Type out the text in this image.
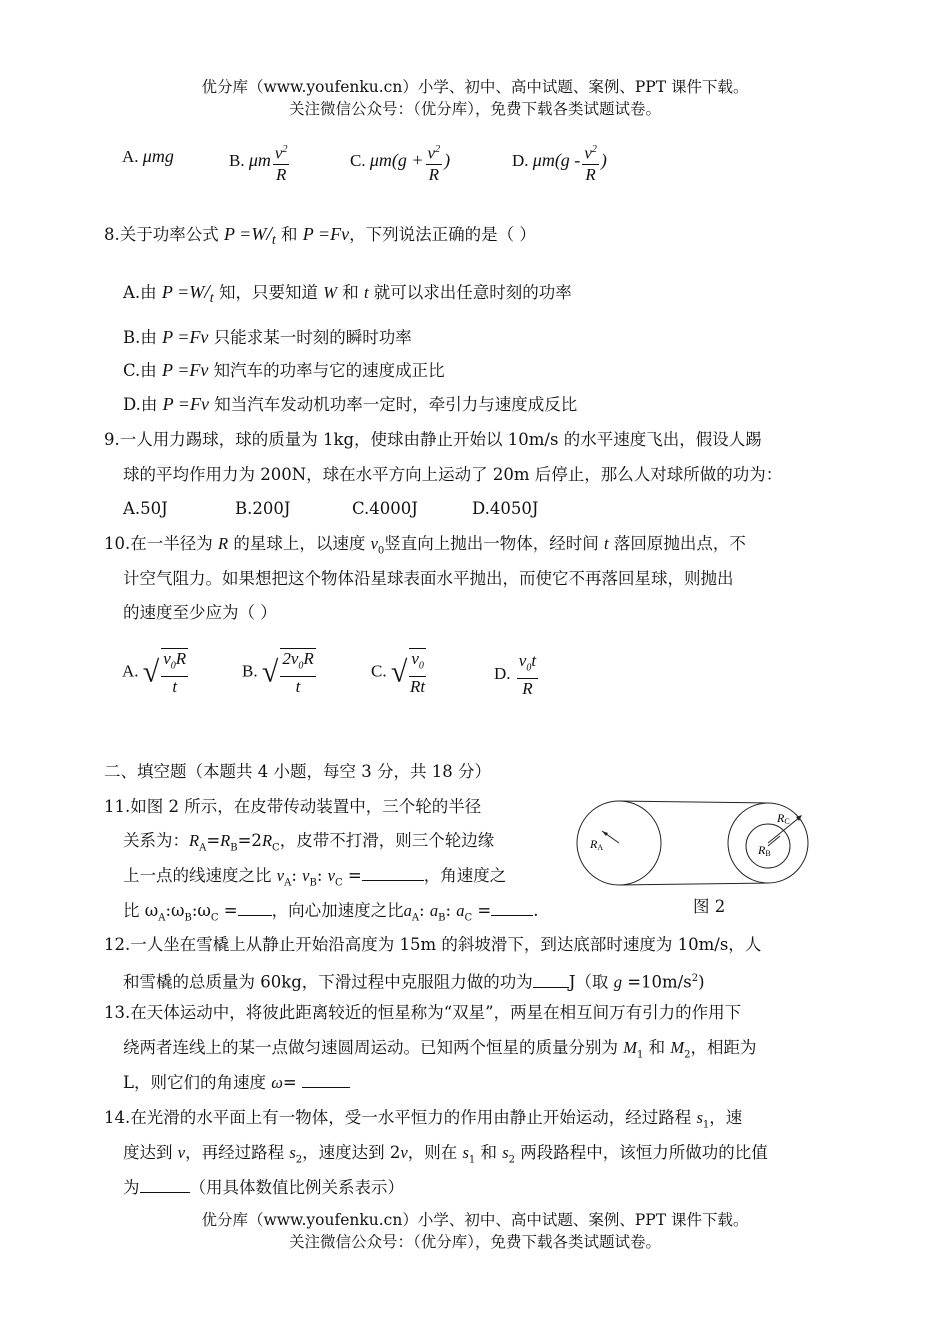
优分库（www.youfenku.cn）小学、初中、高中试题、案例、PPT 课件下载。
关注微信公众号：（优分库），免费下载各类试题试卷。
A. μmg	B. μm $\frac{v^2}{R}$	C. $\mu m(g + \frac{v^2}{R}$ )	D. $\mu m(g - \frac{v^2}{R}$ )
8.关于功率公式 $P =W/_t$ 和 P =Fv，下列说法正确的是（ ）
A.由 $P =W/_t$ 知，只要知道 W 和 t 就可以求出任意时刻的功率
B.由 P =Fv 只能求某一时刻的瞬时功率
C.由 P =Fv 知汽车的功率与它的速度成正比
D.由 P =Fv 知当汽车发动机功率一定时，牵引力与速度成反比
9.一人用力踢球，球的质量为 1kg，使球由静止开始以 10m/s 的水平速度飞出，假设人踢
球的平均作用力为 200N，球在水平方向上运动了 20m 后停止，那么人对球所做的功为：
A.50J	B.200J	C.4000J	D.4050J
10.在一半径为 R 的星球上，以速度 $v_0$竖直向上抛出一物体，经时间 t 落回原抛出点，不
计空气阻力。如果想把这个物体沿星球表面水平抛出，而使它不再落回星球，则抛出
的速度至少应为（ ）
A. √ $\frac{v_0R}{t}$	B. √ $\frac{2v_0R}{t}$	C. √ $\frac{v_0}{Rt}$	D. $\frac{v_0t}{R}$
二、填空题（本题共 4 小题，每空 3 分，共 18 分）
11.如图 2 所示，在皮带传动装置中，三个轮的半径
关系为：$R_A=R_B=2R_C$，皮带不打滑，则三个轮边缘
上一点的线速度之比 $v_A$: $v_B$: $v_C$ =	，角速度之
比 $\omega_A:\omega_B:\omega_C$ = ，向心加速度之比$a_A$: $a_B$: $a_C$ =	.
RA
RC
RB
图 2
12.一人坐在雪橇上从静止开始沿高度为 15m 的斜坡滑下，到达底部时速度为 10m/s，人
和雪橇的总质量为 60kg，下滑过程中克服阻力做的功为 J（取 $g =10m/s^2$)
13.在天体运动中，将彼此距离较近的恒星称为“双星”，两星在相互间万有引力的作用下
绕两者连线上的某一点做匀速圆周运动。已知两个恒星的质量分别为 $M_1$ 和 $M_2$，相距为
L，则它们的角速度 ω=
14.在光滑的水平面上有一物体，受一水平恒力的作用由静止开始运动，经过路程 $s_1$，速
度达到 v，再经过路程 $s_2$，速度达到 2v，则在 $s_1$ 和 $s_2$ 两段路程中，该恒力所做功的比值
为	（用具体数值比例关系表示）
优分库（www.youfenku.cn）小学、初中、高中试题、案例、PPT 课件下载。
关注微信公众号：（优分库），免费下载各类试题试卷。
